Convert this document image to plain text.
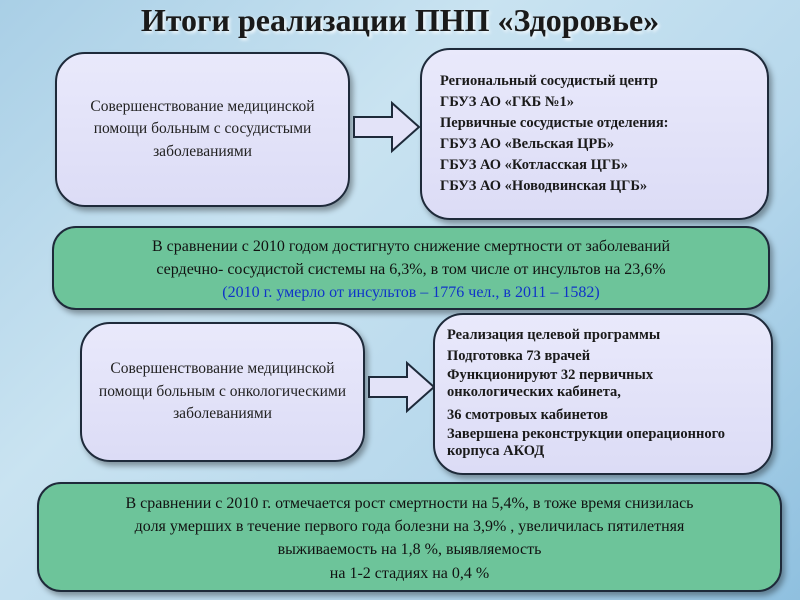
Итоги реализации ПНП «Здоровье»
Совершенствование медицинской помощи больным с сосудистыми заболеваниями
Региональный сосудистый центр
ГБУЗ АО «ГКБ №1»
Первичные сосудистые отделения:
ГБУЗ АО «Вельская ЦРБ»
ГБУЗ АО «Котласская ЦГБ»
ГБУЗ АО «Новодвинская ЦГБ»
В сравнении с 2010 годом достигнуто снижение смертности от заболеваний
сердечно- сосудистой системы на 6,3%, в том числе от инсультов на 23,6%
(2010 г. умерло от инсультов – 1776 чел., в 2011 – 1582)
Совершенствование медицинской помощи больным с онкологическими заболеваниями
Реализация целевой программы
Подготовка 73 врачей
Функционируют 32 первичных онкологических кабинета,
36 смотровых кабинетов
Завершена реконструкции операционного корпуса АКОД
В сравнении с 2010 г. отмечается рост смертности на 5,4%, в тоже время снизилась
доля умерших в течение первого года болезни на 3,9% , увеличилась пятилетняя
выживаемость на 1,8 %, выявляемость
на 1-2 стадиях на 0,4 %
